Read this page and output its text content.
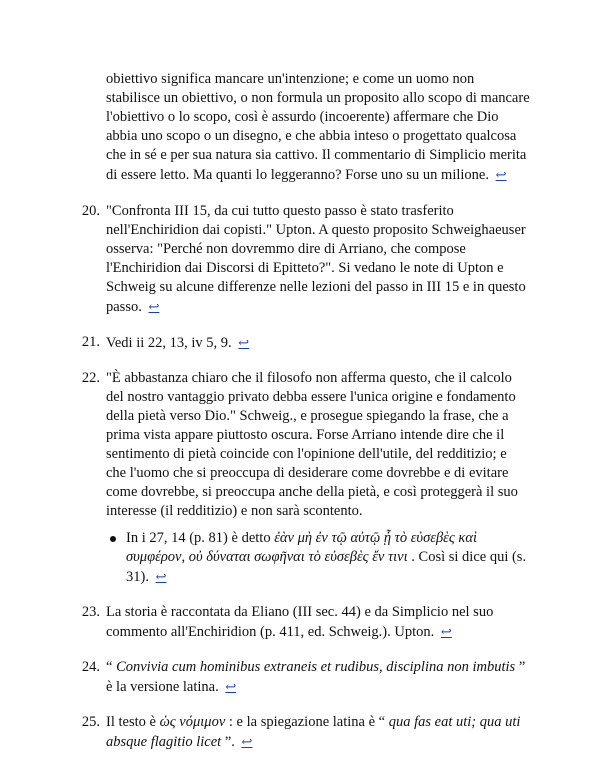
obiettivo significa mancare un'intenzione; e come un uomo non stabilisce un obiettivo, o non formula un proposito allo scopo di mancare l'obiettivo o lo scopo, così è assurdo (incoerente) affermare che Dio abbia uno scopo o un disegno, e che abbia inteso o progettato qualcosa che in sé e per sua natura sia cattivo. Il commentario di Simplicio merita di essere letto. Ma quanti lo leggeranno? Forse uno su un milione. ↩
20. "Confronta III 15, da cui tutto questo passo è stato trasferito nell'Enchiridion dai copisti." Upton. A questo proposito Schweighaeuser osserva: "Perché non dovremmo dire di Arriano, che compose l'Enchiridion dai Discorsi di Epitteto?". Si vedano le note di Upton e Schweig su alcune differenze nelle lezioni del passo in III 15 e in questo passo. ↩
21. Vedi ii 22, 13, iv 5, 9. ↩
22. "È abbastanza chiaro che il filosofo non afferma questo, che il calcolo del nostro vantaggio privato debba essere l'unica origine e fondamento della pietà verso Dio." Schweig., e prosegue spiegando la frase, che a prima vista appare piuttosto oscura. Forse Arriano intende dire che il sentimento di pietà coincide con l'opinione dell'utile, del redditizio; e che l'uomo che si preoccupa di desiderare come dovrebbe e di evitare come dovrebbe, si preoccupa anche della pietà, e così proteggerà il suo interesse (il redditizio) e non sarà scontento.
In i 27, 14 (p. 81) è detto ἐὰν μὴ ἐν τῷ αὐτῷ ᾖ τὸ εὐσεβὲς καὶ συμφέρον, οὐ δύναται σωφῆναι τὸ εὐσεβὲς ἔν τινι . Così si dice qui (s. 31). ↩
23. La storia è raccontata da Eliano (III sec. 44) e da Simplicio nel suo commento all'Enchiridion (p. 411, ed. Schweig.). Upton. ↩
24. “ Convivia cum hominibus extraneis et rudibus, disciplina non imbutis ” è la versione latina. ↩
25. Il testo è ὡς νόμιμον : e la spiegazione latina è “ qua fas eat uti; qua uti absque flagitio licet ”. ↩
